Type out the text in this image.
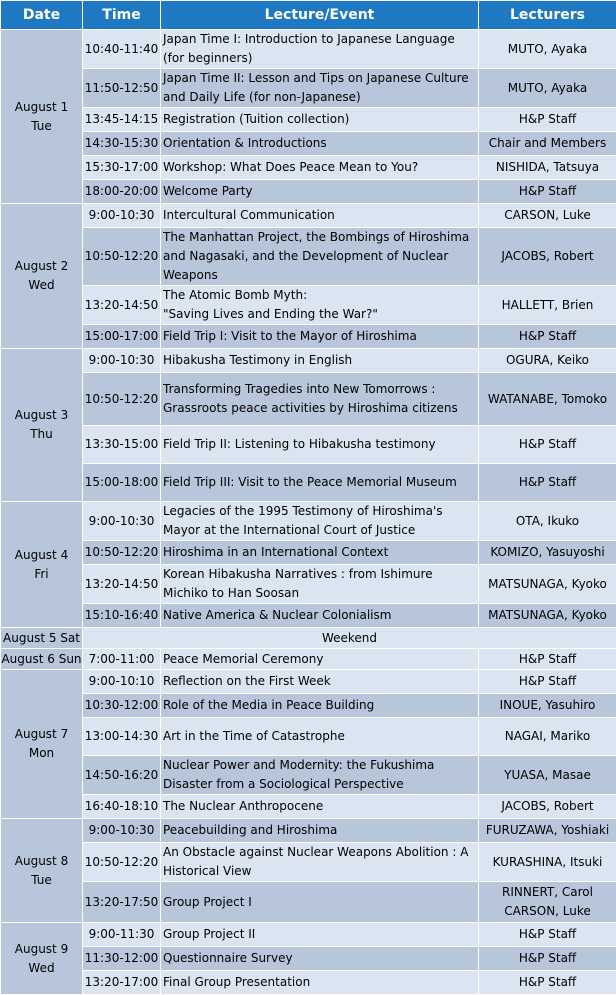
Date	Time	Lecture/Event	Lecturers

August 1
Tue	10:40-11:40	Japan Time I: Introduction to Japanese Language (for beginners)	MUTO, Ayaka
	11:50-12:50	Japan Time II: Lesson and Tips on Japanese Culture and Daily Life (for non-Japanese)	MUTO, Ayaka
	13:45-14:15	Registration (Tuition collection)	H&P Staff
	14:30-15:30	Orientation & Introductions	Chair and Members
	15:30-17:00	Workshop: What Does Peace Mean to You?	NISHIDA, Tatsuya
	18:00-20:00	Welcome Party	H&P Staff

August 2
Wed	9:00-10:30	Intercultural Communication	CARSON, Luke
	10:50-12:20	The Manhattan Project, the Bombings of Hiroshima and Nagasaki, and the Development of Nuclear Weapons	JACOBS, Robert
	13:20-14:50	The Atomic Bomb Myth:
"Saving Lives and Ending the War?"	HALLETT, Brien
	15:00-17:00	Field Trip I: Visit to the Mayor of Hiroshima	H&P Staff

August 3
Thu	9:00-10:30	Hibakusha Testimony in English	OGURA, Keiko
	10:50-12:20	Transforming Tragedies into New Tomorrows : Grassroots peace activities by Hiroshima citizens	WATANABE, Tomoko
	13:30-15:00	Field Trip II: Listening to Hibakusha testimony	H&P Staff
	15:00-18:00	Field Trip III: Visit to the Peace Memorial Museum	H&P Staff

August 4
Fri	9:00-10:30	Legacies of the 1995 Testimony of Hiroshima's Mayor at the International Court of Justice	OTA, Ikuko
	10:50-12:20	Hiroshima in an International Context	KOMIZO, Yasuyoshi
	13:20-14:50	Korean Hibakusha Narratives : from Ishimure Michiko to Han Soosan	MATSUNAGA, Kyoko
	15:10-16:40	Native America & Nuclear Colonialism	MATSUNAGA, Kyoko
August 5 Sat	Weekend		
August 6 Sun	7:00-11:00	Peace Memorial Ceremony	H&P Staff

August 7
Mon	9:00-10:10	Reflection on the First Week	H&P Staff
	10:30-12:00	Role of the Media in Peace Building	INOUE, Yasuhiro
	13:00-14:30	Art in the Time of Catastrophe	NAGAI, Mariko
	14:50-16:20	Nuclear Power and Modernity: the Fukushima Disaster from a Sociological Perspective	YUASA, Masae
	16:40-18:10	The Nuclear Anthropocene	JACOBS, Robert

August 8
Tue	9:00-10:30	Peacebuilding and Hiroshima	FURUZAWA, Yoshiaki
	10:50-12:20	An Obstacle against Nuclear Weapons Abolition : A Historical View	KURASHINA, Itsuki
	13:20-17:50	Group Project I	RINNERT, Carol
CARSON, Luke

August 9
Wed	9:00-11:30	Group Project II	H&P Staff
	11:30-12:00	Questionnaire Survey	H&P Staff
	13:20-17:00	Final Group Presentation	H&P Staff
